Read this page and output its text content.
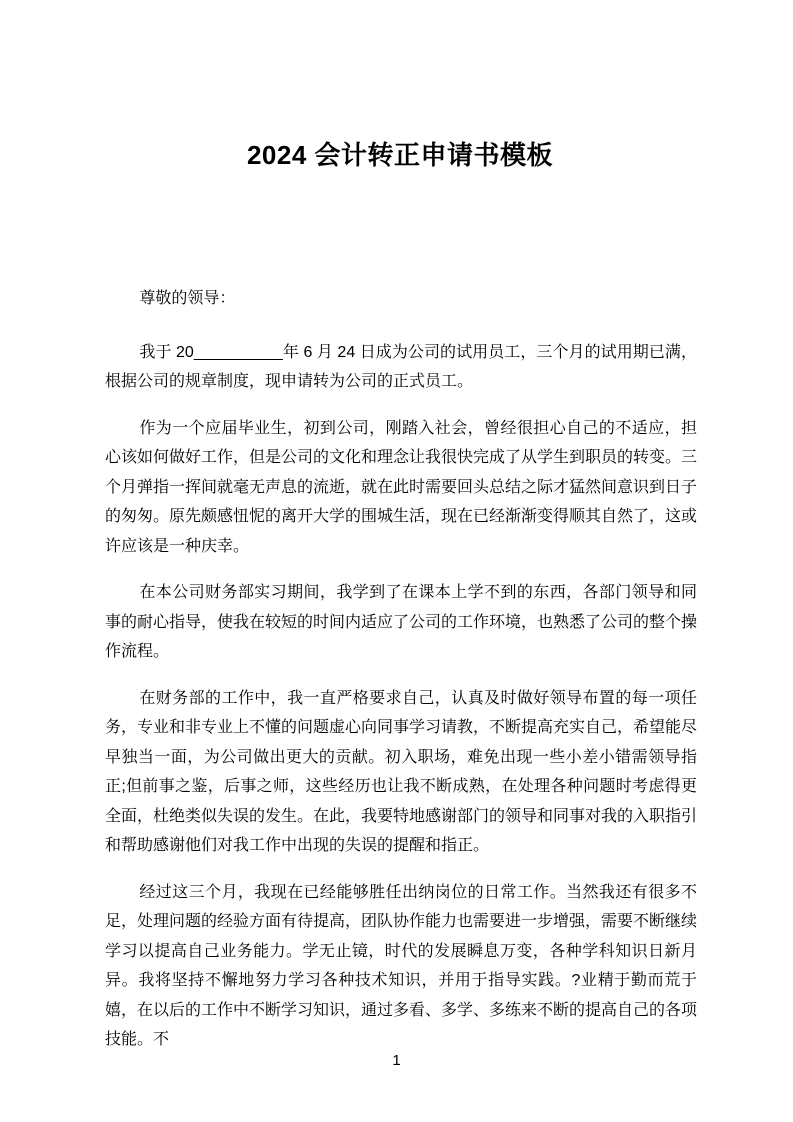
2024 会计转正申请书模板

尊敬的领导：

我于 20__________年 6 月 24 日成为公司的试用员工，三个月的试用期已满，根据公司的规章制度，现申请转为公司的正式员工。

作为一个应届毕业生，初到公司，刚踏入社会，曾经很担心自己的不适应，担心该如何做好工作，但是公司的文化和理念让我很快完成了从学生到职员的转变。三个月弹指一挥间就毫无声息的流逝，就在此时需要回头总结之际才猛然间意识到日子的匆匆。原先颇感忸怩的离开大学的围城生活，现在已经渐渐变得顺其自然了，这或许应该是一种庆幸。

在本公司财务部实习期间，我学到了在课本上学不到的东西，各部门领导和同事的耐心指导，使我在较短的时间内适应了公司的工作环境，也熟悉了公司的整个操作流程。

在财务部的工作中，我一直严格要求自己，认真及时做好领导布置的每一项任务，专业和非专业上不懂的问题虚心向同事学习请教，不断提高充实自己，希望能尽早独当一面，为公司做出更大的贡献。初入职场，难免出现一些小差小错需领导指正;但前事之鉴，后事之师，这些经历也让我不断成熟，在处理各种问题时考虑得更全面，杜绝类似失误的发生。在此，我要特地感谢部门的领导和同事对我的入职指引和帮助感谢他们对我工作中出现的失误的提醒和指正。

经过这三个月，我现在已经能够胜任出纳岗位的日常工作。当然我还有很多不足，处理问题的经验方面有待提高，团队协作能力也需要进一步增强，需要不断继续学习以提高自己业务能力。学无止镜，时代的发展瞬息万变，各种学科知识日新月异。我将坚持不懈地努力学习各种技术知识，并用于指导实践。?业精于勤而荒于嬉，在以后的工作中不断学习知识，通过多看、多学、多练来不断的提高自己的各项技能。不

1
